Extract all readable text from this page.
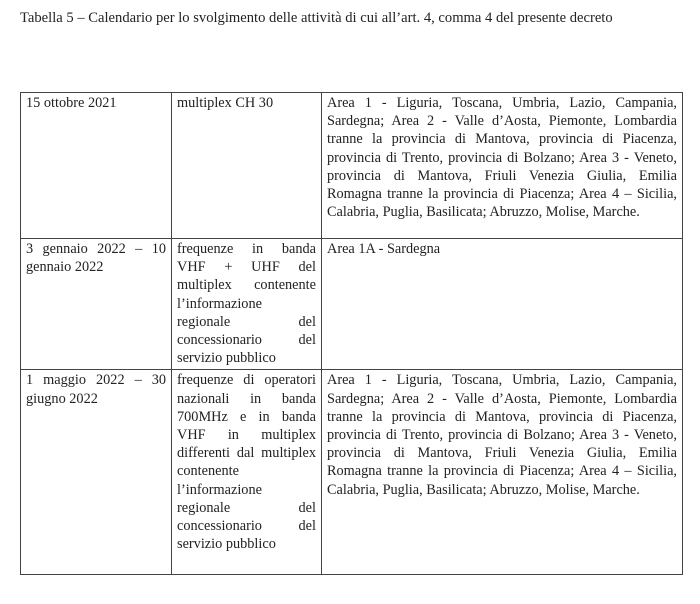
Tabella 5 – Calendario per lo svolgimento delle attività di cui all’art. 4, comma 4 del presente decreto
15 ottobre 2021	multiplex CH 30	Area 1 - Liguria, Toscana, Umbria, Lazio, Campania, Sardegna; Area 2 - Valle d’Aosta, Piemonte, Lombardia tranne la provincia di Mantova, provincia di Piacenza, provincia di Trento, provincia di Bolzano; Area 3 - Veneto, provincia di Mantova, Friuli Venezia Giulia, Emilia Romagna tranne la provincia di Piacenza; Area 4 – Sicilia, Calabria, Puglia, Basilicata; Abruzzo, Molise, Marche.
3 gennaio 2022 – 10 gennaio 2022	frequenze in banda VHF + UHF del multiplex contenente l’informazione regionale del concessionario del servizio pubblico	Area 1A - Sardegna
1 maggio 2022 – 30 giugno 2022	frequenze di operatori nazionali in banda 700MHz e in banda VHF in multiplex differenti dal multiplex contenente l’informazione regionale del concessionario del servizio pubblico	Area 1 - Liguria, Toscana, Umbria, Lazio, Campania, Sardegna; Area 2 - Valle d’Aosta, Piemonte, Lombardia tranne la provincia di Mantova, provincia di Piacenza, provincia di Trento, provincia di Bolzano; Area 3 - Veneto, provincia di Mantova, Friuli Venezia Giulia, Emilia Romagna tranne la provincia di Piacenza; Area 4 – Sicilia, Calabria, Puglia, Basilicata; Abruzzo, Molise, Marche.
